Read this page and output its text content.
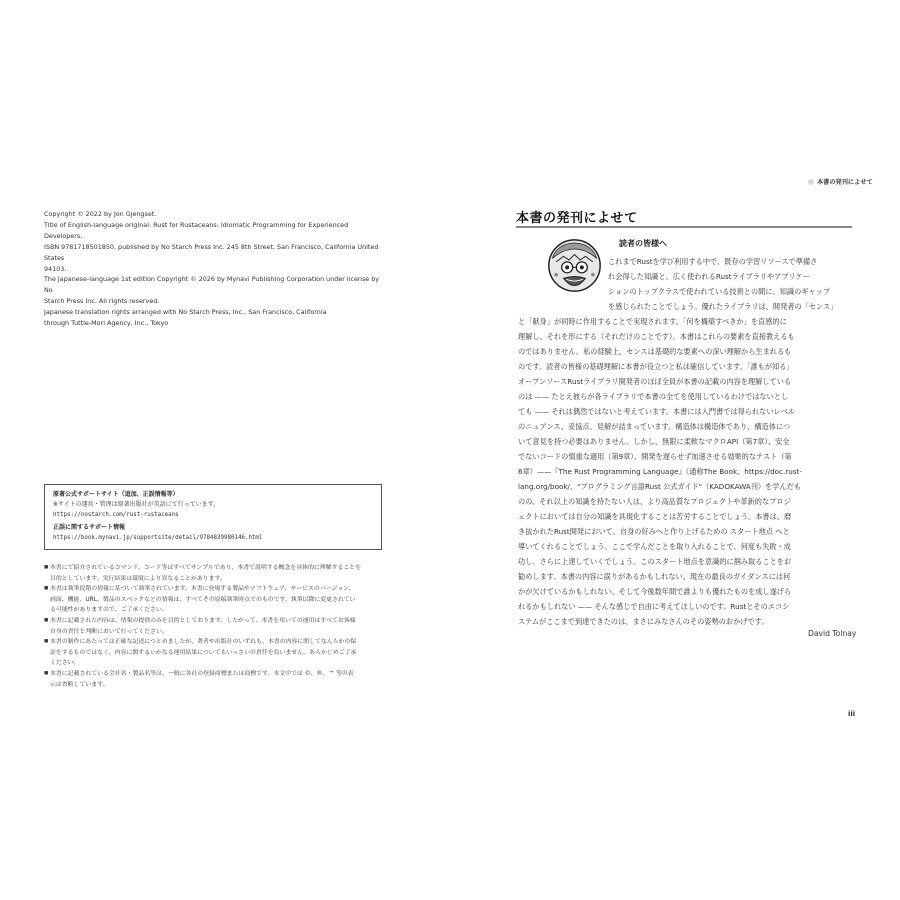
Copyright © 2022 by Jon Gjengset.

Title of English-language original: Rust for Rustaceans: Idiomatic Programming for Experienced Developers,

ISBN 9781718501850, published by No Starch Press Inc. 245 8th Street, San Francisco, California United States

94103.

The Japanese-language 1st edition Copyright © 2026 by Mynavi Publishing Corporation under license by No

Starch Press Inc. All rights reserved.

Japanese translation rights arranged with No Starch Press, Inc., San Francisco, California

through Tuttle-Mori Agency, Inc., Tokyo

原著公式サポートサイト（追加、正誤情報等）
※サイトの運営・管理は原著出版社が英語にて行っています。
https://nostarch.com/rust-rustaceans
正誤に関するサポート情報
https://book.mynavi.jp/supportsite/detail/9784839980146.html
■ 本書にて紹介されているコマンド、コード等はすべてサンプルであり、本書で説明する概念を具体的に理解することを
目的としています。実行結果は環境により異なることがあります。
■ 本書は執筆段階の情報に基づいて執筆されています。本書に登場する製品やソフトウェア、サービスのバージョン、
画面、機能、URL、製品のスペックなどの情報は、すべてその原稿執筆時点でのものです。執筆以降に変更されてい
る可能性がありますので、ご了承ください。
■ 本書に記載された内容は、情報の提供のみを目的としております。したがって、本書を用いての運用はすべてお客様
自身の責任と判断において行ってください。
■ 本書の制作にあたっては正確な記述につとめましたが、著者や出版社のいずれも、本書の内容に関してなんらかの保
証をするものではなく、内容に関するいかなる運用結果についてもいっさいの責任を負いません。あらかじめご了承
ください。
■ 本書に記載されている会社名・製品名等は、一般に各社の登録商標または商標です。本文中では ©、®、™ 等の表
示は省略しています。
本書の発刊によせて
本書の発刊によせて
読者の皆様へ
これまでRustを学び利用する中で、既存の学習リソースで準備さ
れ会得した知識と、広く使われるRustライブラリやアプリケー
ションのトップクラスで使われている技術との間に、知識のギャップ
を感じられたことでしょう。優れたライブラリは、開発者の「センス」
と「献身」が同時に作用することで実現されます。「何を構築すべきか」を直感的に
理解し、それを形にする（それだけのことです）。本書はこれらの要素を直接教えるも
のではありません。私の経験上、センスは基礎的な要素への深い理解から生まれるも
のです。読者の皆様の基礎理解に本書が役立つと私は確信しています。「誰もが知る」
オープンソースRustライブラリ開発者のほぼ全員が本書の記載の内容を理解している
のは —— たとえ彼らが各ライブラリで本書の全てを使用しているわけではないとし
ても —— それは偶然ではないと考えています。本書には入門書では得られないレベル
のニュアンス、妥協点、見解が詰まっています。構造体は構造体であり、構造体につ
いて意見を持つ必要はありません。しかし、無限に柔軟なマクロAPI（第7章）、安全
でないコードの慎重な適用（第9章）、開発を遅らせず加速させる効果的なテスト（第
6章）——『The Rust Programming Language』（通称The Book、https://doc.rust-
lang.org/book/、"プログラミング言語Rust 公式ガイド"（KADOKAWA刊）を学んだも
のの、それ以上の知識を持たない人は、より高品質なプロジェクトや革新的なプロジ
ェクトにおいては自分の知識を具現化することは苦労することでしょう。本書は、磨
き抜かれたRust開発において、自身の好みへと作り上げるための スタート地点 へと
導いてくれることでしょう。ここで学んだことを取り入れることで、何度も失敗・成
功し、さらに上達していくでしょう。このスタート地点を意識的に掴み取ることをお
勧めします。本書の内容に誤りがあるかもしれない、現在の最良のガイダンスには何
かが欠けているかもしれない、そして今後数年間で誰よりも優れたものを成し遂げら
れるかもしれない —— そんな感じで自由に考えてほしいのです。Rustとそのエコシ
ステムがここまで到達できたのは、まさにみなさんのその姿勢のおかげです。
David Tolnay
iii
